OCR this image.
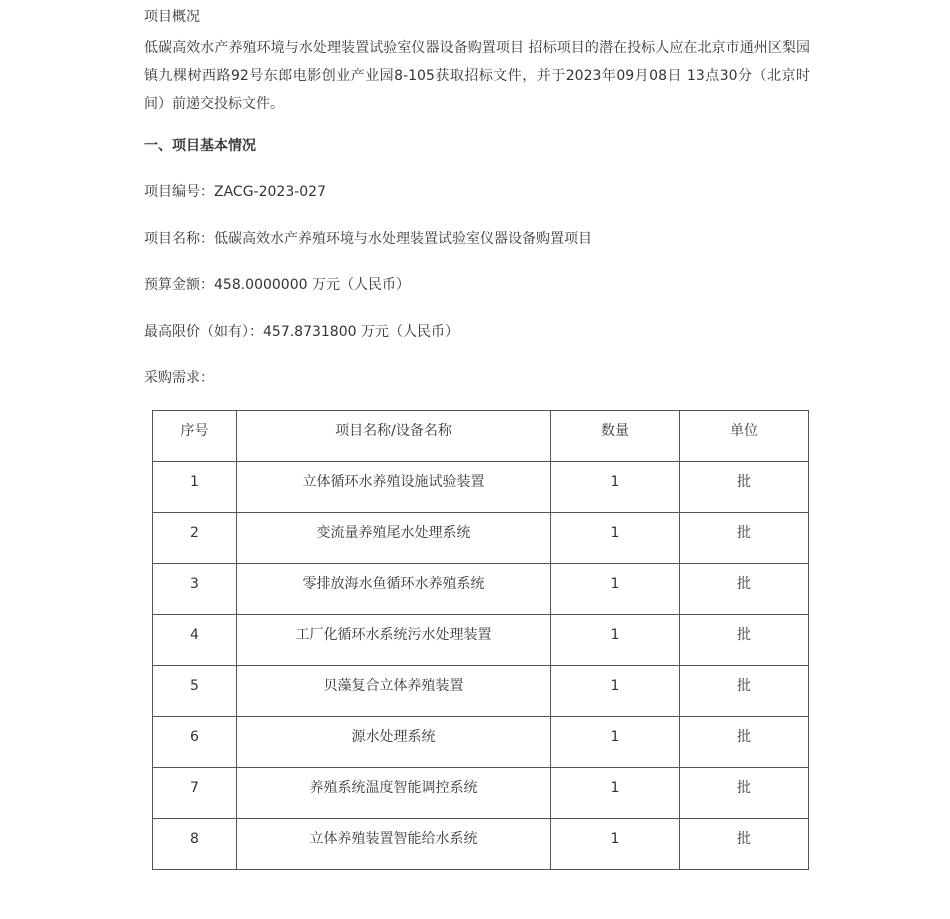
项目概况

低碳高效水产养殖环境与水处理装置试验室仪器设备购置项目 招标项目的潜在投标人应在北京市通州区梨园镇九棵树西路92号东郎电影创业产业园8-105获取招标文件，并于2023年09月08日 13点30分（北京时间）前递交投标文件。

一、项目基本情况
项目编号：ZACG-2023-027
项目名称：低碳高效水产养殖环境与水处理装置试验室仪器设备购置项目
预算金额：458.0000000 万元（人民币）
最高限价（如有）：457.8731800 万元（人民币）
采购需求：
序号	项目名称/设备名称	数量	单位

1	立体循环水养殖设施试验装置	1	批

2	变流量养殖尾水处理系统	1	批

3	零排放海水鱼循环水养殖系统	1	批

4	工厂化循环水系统污水处理装置	1	批

5	贝藻复合立体养殖装置	1	批

6	源水处理系统	1	批

7	养殖系统温度智能调控系统	1	批

8	立体养殖装置智能给水系统	1	批
